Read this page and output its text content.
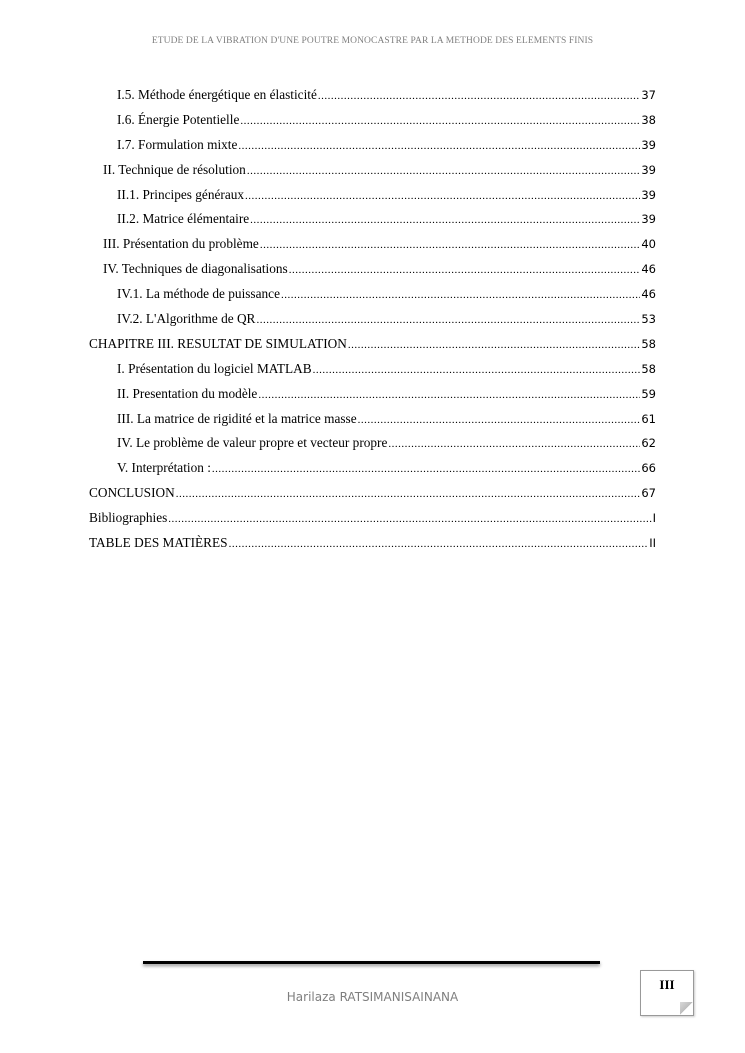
ETUDE DE LA VIBRATION D'UNE POUTRE MONOCASTRE PAR LA METHODE DES ELEMENTS FINIS
I.5. Méthode énergétique en élasticité .....	37
I.6. Énergie Potentielle .....	38
I.7. Formulation mixte .....	39
II. Technique de résolution .....	39
II.1. Principes généraux .....	39
II.2. Matrice élémentaire .....	39
III. Présentation du problème .....	40
IV. Techniques de diagonalisations .....	46
IV.1. La méthode de puissance .....	46
IV.2. L'Algorithme de QR .....	53
CHAPITRE III. RESULTAT DE SIMULATION .....	58
I. Présentation du logiciel MATLAB .....	58
II. Presentation du modèle .....	59
III. La matrice de rigidité et la matrice masse .....	61
IV. Le problème de valeur propre et vecteur propre .....	62
V. Interprétation : .....	66
CONCLUSION .....	67
Bibliographies .....	I
TABLE DES MATIÈRES .....	II
Harilaza RATSIMANISAINANA
III
